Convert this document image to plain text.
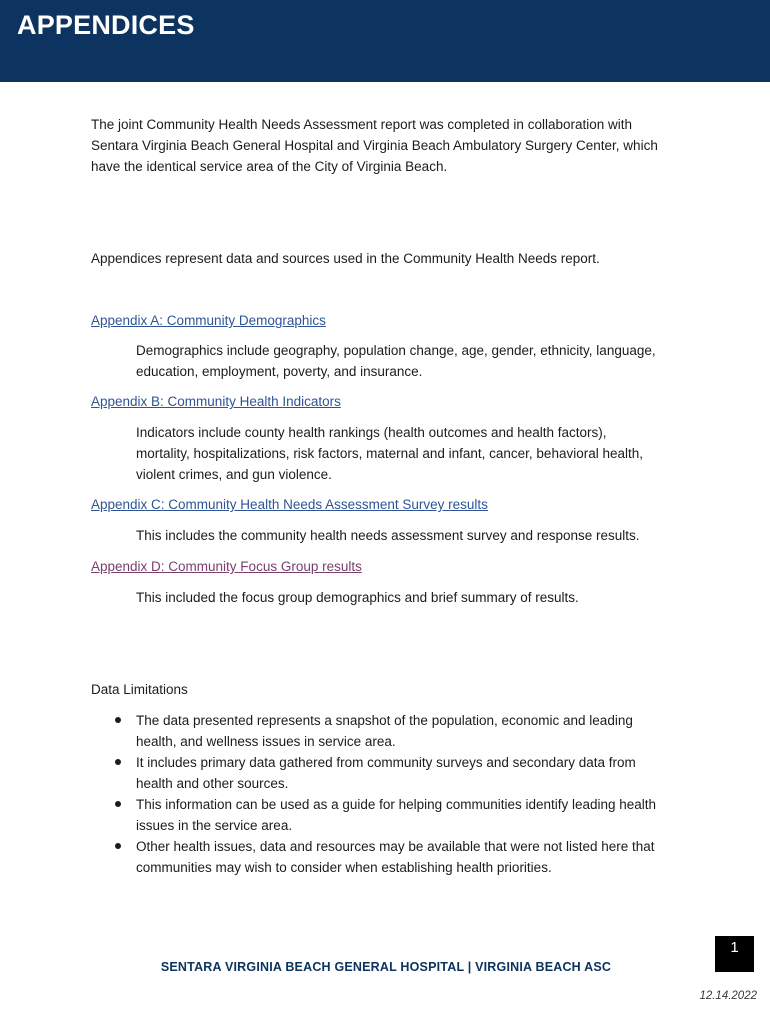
APPENDICES
The joint Community Health Needs Assessment report was completed in collaboration with
Sentara Virginia Beach General Hospital and Virginia Beach Ambulatory Surgery Center, which
have the identical service area of the City of Virginia Beach.
Appendices represent data and sources used in the Community Health Needs report.
Appendix A: Community Demographics
Demographics include geography, population change, age, gender, ethnicity, language,
education, employment, poverty, and insurance.
Appendix B: Community Health Indicators
Indicators include county health rankings (health outcomes and health factors),
mortality, hospitalizations, risk factors, maternal and infant, cancer, behavioral health,
violent crimes, and gun violence.
Appendix C: Community Health Needs Assessment Survey results
This includes the community health needs assessment survey and response results.
Appendix D: Community Focus Group results
This included the focus group demographics and brief summary of results.
Data Limitations
The data presented represents a snapshot of the population, economic and leading
health, and wellness issues in service area.
It includes primary data gathered from community surveys and secondary data from
health and other sources.
This information can be used as a guide for helping communities identify leading health
issues in the service area.
Other health issues, data and resources may be available that were not listed here that
communities may wish to consider when establishing health priorities.
1
SENTARA VIRGINIA BEACH GENERAL HOSPITAL | VIRGINIA BEACH ASC
12.14.2022
